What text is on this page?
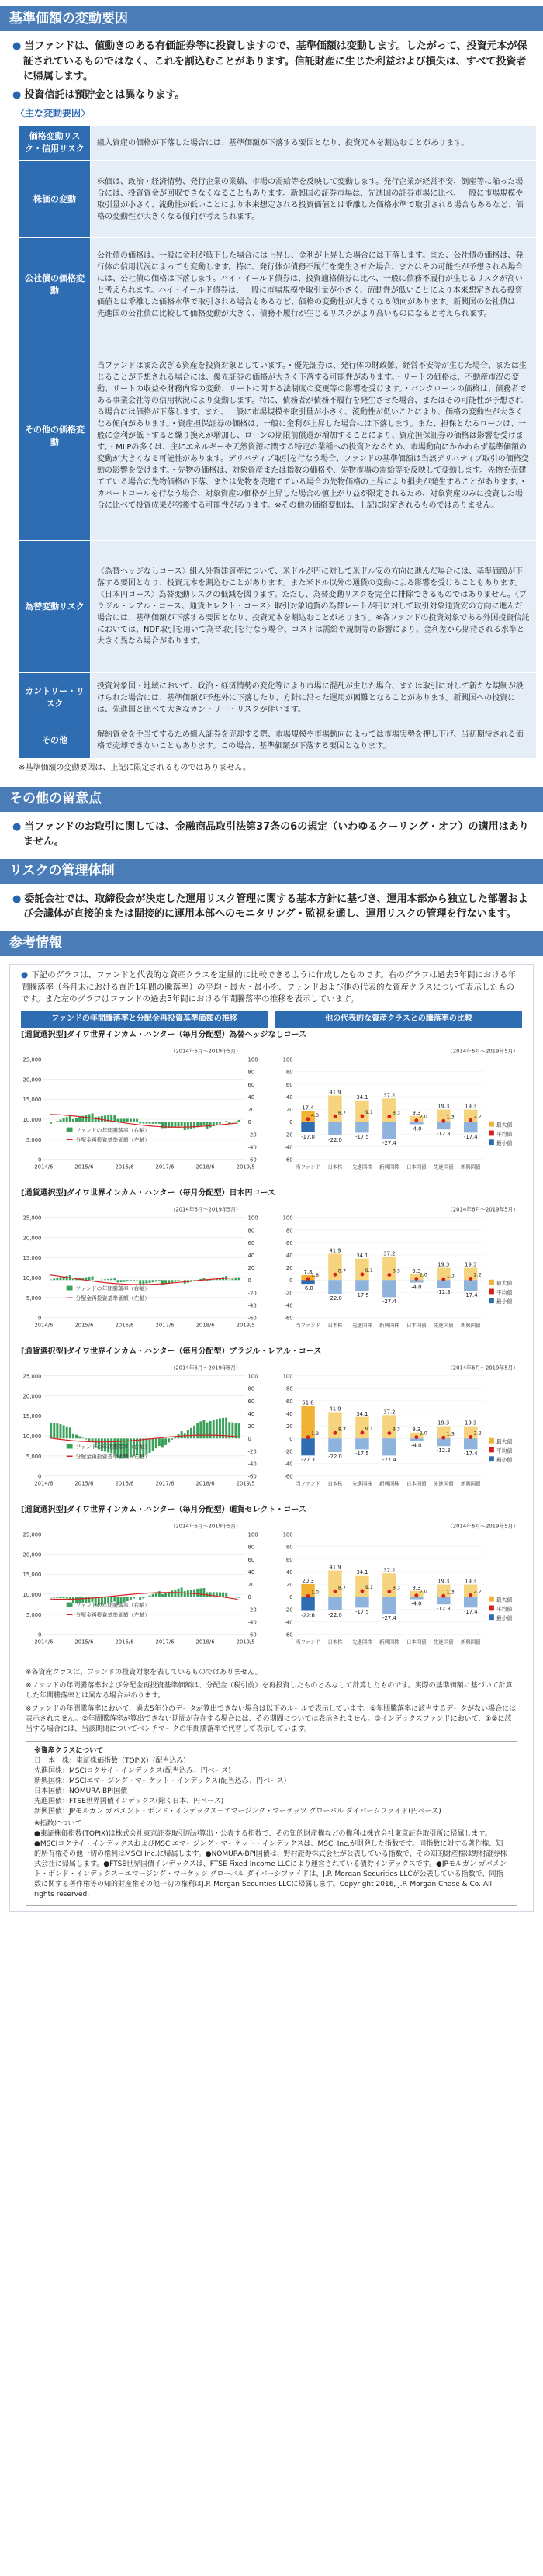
基準価額の変動要因

● 当ファンドは、値動きのある有価証券等に投資しますので、基準価額は変動します。したがって、投資元本が保証されているものではなく、これを割込むことがあります。信託財産に生じた利益および損失は、すべて投資者に帰属します。

● 投資信託は預貯金とは異なります。

〈主な変動要因〉
価格変動リスク・信用リスク	組入資産の価格が下落した場合には、基準価額が下落する要因となり、投資元本を割込むことがあります。
株価の変動	株価は、政治・経済情勢、発行企業の業績、市場の需給等を反映して変動します。発行企業が経営不安、倒産等に陥った場合には、投資資金が回収できなくなることもあります。新興国の証券市場は、先進国の証券市場に比べ、一般に市場規模や取引量が小さく、流動性が低いことにより本来想定される投資価値とは乖離した価格水準で取引される場合もあるなど、価格の変動性が大きくなる傾向が考えられます。
公社債の価格変動	公社債の価格は、一般に金利が低下した場合には上昇し、金利が上昇した場合には下落します。また、公社債の価格は、発行体の信用状況によっても変動します。特に、発行体が債務不履行を発生させた場合、またはその可能性が予想される場合には、公社債の価格は下落します。ハイ・イールド債券は、投資適格債券に比べ、一般に債務不履行が生じるリスクが高いと考えられます。ハイ・イールド債券は、一般に市場規模や取引量が小さく、流動性が低いことにより本来想定される投資価値とは乖離した価格水準で取引される場合もあるなど、価格の変動性が大きくなる傾向があります。新興国の公社債は、先進国の公社債に比較して価格変動が大きく、債務不履行が生じるリスクがより高いものになると考えられます。
その他の価格変動	当ファンドはまた次ぎる資産を投資対象としています。・優先証券は、発行体の財政難、経営不安等が生じた場合、または生じることが予想される場合には、優先証券の価格が大きく下落する可能性があります。・リートの価格は、不動産市況の変動、リートの収益や財務内容の変動、リートに関する法制度の変更等の影響を受けます。・バンクローンの価格は、債務者である事業会社等の信用状況により変動します。特に、債務者が債務不履行を発生させた場合、またはその可能性が予想される場合には価格が下落します。また、一般に市場規模や取引量が小さく、流動性が低いことにより、価格の変動性が大きくなる傾向があります。・資産担保証券の価格は、一般に金利が上昇した場合には下落します。また、担保となるローンは、一般に金利が低下すると繰り換えが増加し、ローンの期限前償還が増加することにより、資産担保証券の価格は影響を受けます。・MLPの多くは、主にエネルギーや天然資源に関する特定の業種への投資となるため、市場動向にかかわらず基準価額の変動が大きくなる可能性があります。デリバティブ取引を行なう場合、ファンドの基準価額は当該デリバティブ取引の価格変動の影響を受けます。・先物の価格は、対象資産または指数の価格や、先物市場の需給等を反映して変動します。先物を売建てている場合の先物価格の下落、または先物を売建てている場合の先物価格の上昇により損失が発生することがあります。・カバードコールを行なう場合、対象資産の価格が上昇した場合の値上がり益が限定されるため、対象資産のみに投資した場合に比べて投資成果が劣後する可能性があります。※その他の価格変動は、上記に限定されるものではありません。
為替変動リスク	〈為替ヘッジなしコース〉組入外貨建資産について、米ドルが円に対して米ドル安の方向に進んだ場合には、基準価額が下落する要因となり、投資元本を割込むことがあります。また米ドル以外の通貨の変動による影響を受けることもあります。〈日本円コース〉為替変動リスクの低減を図ります。ただし、為替変動リスクを完全に排除できるものではありません。〈ブラジル・レアル・コース、通貨セレクト・コース〉取引対象通貨の為替レートが円に対して取引対象通貨安の方向に進んだ場合には、基準価額が下落する要因となり、投資元本を割込むことがあります。※各ファンドの投資対象である外国投資信託においては、NDF取引を用いて為替取引を行なう場合、コストは需給や規制等の影響により、金利差から期待される水準と大きく異なる場合があります。
カントリー・リスク	投資対象国・地域において、政治・経済情勢の変化等により市場に混乱が生じた場合、または取引に対して新たな規制が設けられた場合には、基準価額が予想外に下落したり、方針に沿った運用が困難となることがあります。新興国への投資には、先進国と比べて大きなカントリー・リスクが伴います。
その他	解約資金を手当てするため組入証券を売却する際、市場規模や市場動向によっては市場実勢を押し下げ、当初期待される価格で売却できないこともあります。この場合、基準価額が下落する要因となります。
※基準価額の変動要因は、上記に限定されるものではありません。
その他の留意点

● 当ファンドのお取引に関しては、金融商品取引法第37条の6の規定（いわゆるクーリング・オフ）の適用はありません。

リスクの管理体制

● 委託会社では、取締役会が決定した運用リスク管理に関する基本方針に基づき、運用本部から独立した部署および会議体が直接的または間接的に運用本部へのモニタリング・監視を通し、運用リスクの管理を行ないます。

参考情報

● 下記のグラフは、ファンドと代表的な資産クラスを定量的に比較できるように作成したものです。右のグラフは過去5年間における年間騰落率（各月末における直近1年間の騰落率）の平均・最大・最小を、ファンドおよび他の代表的な資産クラスについて表示したものです。また左のグラフはファンドの過去5年間における年間騰落率の推移を表示しています。

ファンドの年間騰落率と分配金再投資基準価額の推移	他の代表的な資産クラスとの騰落率の比較
[通貨選択型]ダイワ世界インカム・ハンター（毎月分配型）為替ヘッジなしコース
（2014年6月〜2019年5月）
25,000
20,000
15,000
10,000
5,000
0
100
80
60
40
20
0
-20
-40
-60
2014/6	2015/6	2016/6	2017/6	2018/6	2019/5
ファンドの年間騰落率（右軸）
分配金再投資基準価額（左軸）
（2014年6月〜2019年5月）
100
80
60
40
20
0
-20
-40
-60
17.4
-17.0
4.3
当ファンド
41.9
-22.0
8.7
日本株
34.1
-17.5
9.1
先進国株
37.2
-27.4
8.3
新興国株
9.3
-4.0
2.0
日本国債
19.3
-12.3
1.3
先進国債
19.3
-17.4
2.2
新興国債
最大値
平均値
最小値
[通貨選択型]ダイワ世界インカム・ハンター（毎月分配型）日本円コース
（2014年6月〜2019年5月）
25,000
20,000
15,000
10,000
5,000
0
100
80
60
40
20
0
-20
-40
-60
2014/6	2015/6	2016/6	2017/6	2018/6	2019/5
ファンドの年間騰落率（右軸）
分配金再投資基準価額（左軸）
（2014年6月〜2019年5月）
100
80
60
40
20
0
-20
-40
-60
7.8
-6.0
1.8
当ファンド
41.9
-22.0
8.7
日本株
34.1
-17.5
9.1
先進国株
37.2
-27.4
8.3
新興国株
9.3
-4.0
2.0
日本国債
19.3
-12.3
1.3
先進国債
19.3
-17.4
2.2
新興国債
最大値
平均値
最小値
[通貨選択型]ダイワ世界インカム・ハンター（毎月分配型）ブラジル・レアル・コース
（2014年6月〜2019年5月）
25,000
20,000
15,000
10,000
5,000
0
100
80
60
40
20
0
-20
-40
-60
2014/6	2015/6	2016/6	2017/6	2018/6	2019/5
ファンドの年間騰落率（右軸）
分配金再投資基準価額（左軸）
（2014年6月〜2019年5月）
100
80
60
40
20
0
-20
-40
-60
51.8
-27.3
1.9
当ファンド
41.9
-22.0
8.7
日本株
34.1
-17.5
9.1
先進国株
37.2
-27.4
8.3
新興国株
9.3
-4.0
2.0
日本国債
19.3
-12.3
1.3
先進国債
19.3
-17.4
2.2
新興国債
最大値
平均値
最小値
[通貨選択型]ダイワ世界インカム・ハンター（毎月分配型）通貨セレクト・コース
（2014年6月〜2019年5月）
25,000
20,000
15,000
10,000
5,000
0
100
80
60
40
20
0
-20
-40
-60
2014/6	2015/6	2016/6	2017/6	2018/6	2019/5
ファンドの年間騰落率（右軸）
分配金再投資基準価額（左軸）
（2014年6月〜2019年5月）
100
80
60
40
20
0
-20
-40
-60
20.3
-22.6
1.0
当ファンド
41.9
-22.0
8.7
日本株
34.1
-17.5
9.1
先進国株
37.2
-27.4
8.3
新興国株
9.3
-4.0
2.0
日本国債
19.3
-12.3
1.3
先進国債
19.3
-17.4
2.2
新興国債
最大値
平均値
最小値
※各資産クラスは、ファンドの投資対象を表しているものではありません。
※ファンドの年間騰落率および分配金再投資基準価額は、分配金（税引前）を再投資したものとみなして計算したものです。実際の基準価額に基づいて計算した年間騰落率とは異なる場合があります。
※ファンドの年間騰落率において、過去5年分のデータが算出できない場合は以下のルールで表示しています。①年間騰落率に該当するデータがない場合には表示されません。②年間騰落率が算出できない期間が存在する場合には、その期間については表示されません。③インデックスファンドにおいて、①②に該当する場合には、当該期間についてベンチマークの年間騰落率で代替して表示しています。
※資産クラスについて
日　本　株：東証株価指数（TOPIX）(配当込み)
先進国株：MSCIコクサイ・インデックス(配当込み、円ベース)
新興国株：MSCIエマージング・マーケット・インデックス(配当込み、円ベース)
日本国債：NOMURA-BPI国債
先進国債：FTSE世界国債インデックス(除く日本、円ベース)
新興国債：JPモルガン ガバメント・ボンド・インデックス－エマージング・マーケッツ グローバル ダイバーシファイド(円ベース)
※指数について
●東証株価指数(TOPIX)は株式会社東京証券取引所が算出・公表する指数で、その知的財産権などの権利は株式会社東京証券取引所に帰属します。●MSCIコクサイ・インデックスおよびMSCIエマージング・マーケット・インデックスは、MSCI Inc.が開発した指数です。同指数に対する著作権、知的所有権その他一切の権利はMSCI Inc.に帰属します。●NOMURA-BPI国債は、野村證券株式会社が公表している指数で、その知的財産権は野村證券株式会社に帰属します。●FTSE世界国債インデックスは、FTSE Fixed Income LLCにより運営されている債券インデックスです。●JPモルガン ガバメント・ボンド・インデックス－エマージング・マーケッツ グローバル ダイバーシファイドは、J.P. Morgan Securities LLCが公表している指数で、同指数に関する著作権等の知的財産権その他一切の権利はJ.P. Morgan Securities LLCに帰属します。Copyright 2016, J.P. Morgan Chase & Co. All rights reserved.
